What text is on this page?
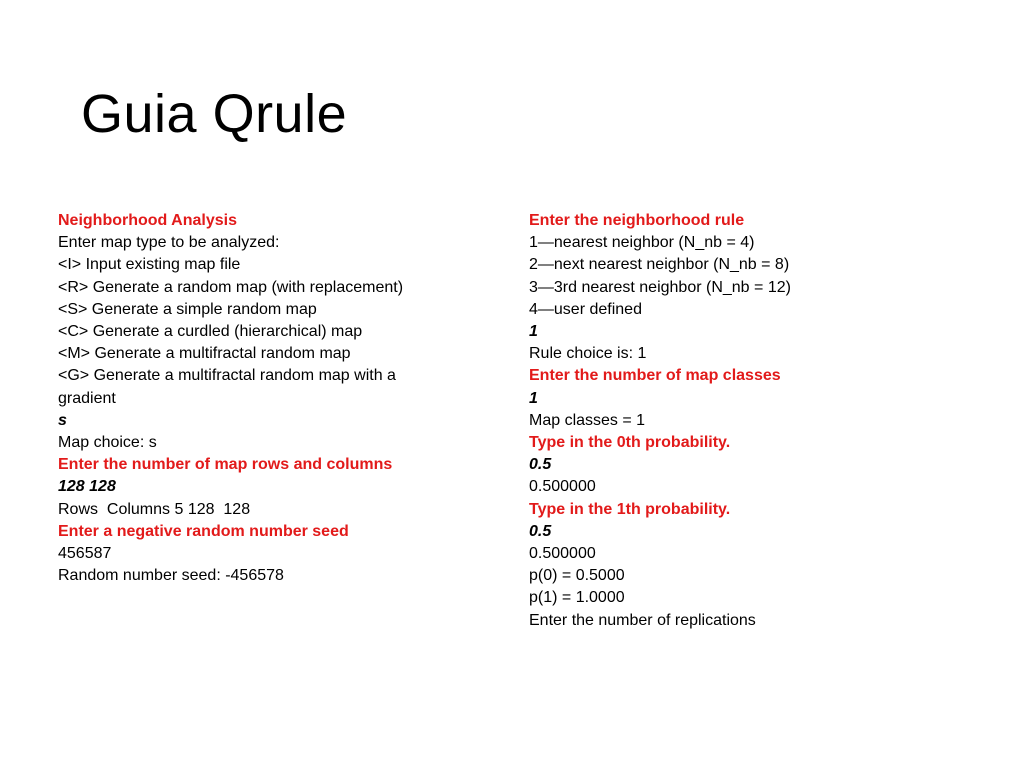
Guia Qrule

Neighborhood Analysis

Enter map type to be analyzed:

<I> Input existing map file

<R> Generate a random map (with replacement)

<S> Generate a simple random map

<C> Generate a curdled (hierarchical) map

<M> Generate a multifractal random map

<G> Generate a multifractal random map with a

gradient

s

Map choice: s

Enter the number of map rows and columns

128 128

Rows  Columns 5 128  128

Enter a negative random number seed

456587

Random number seed: -456578

Enter the neighborhood rule

1—nearest neighbor (N_nb = 4)

2—next nearest neighbor (N_nb = 8)

3—3rd nearest neighbor (N_nb = 12)

4—user defined

1

Rule choice is: 1

Enter the number of map classes

1

Map classes = 1

Type in the 0th probability.

0.5

0.500000

Type in the 1th probability.

0.5

0.500000

p(0) = 0.5000

p(1) = 1.0000

Enter the number of replications
